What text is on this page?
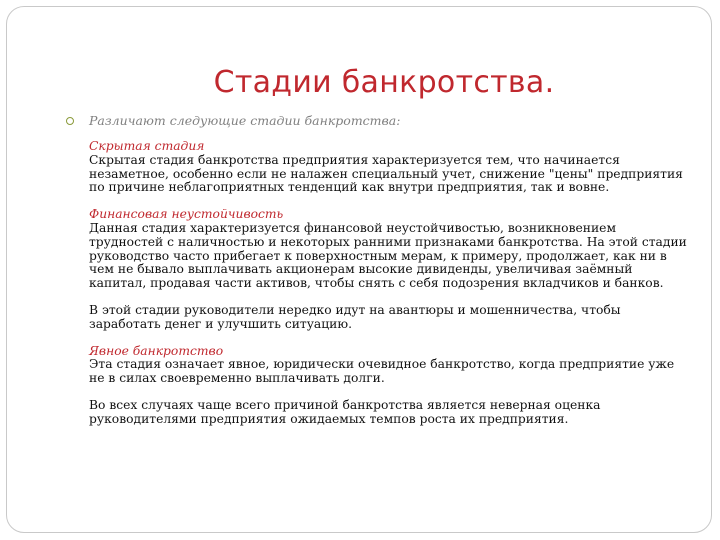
Стадии банкротства.
Различают следующие стадии банкротства:
Скрытая стадия
Скрытая стадия банкротства предприятия характеризуется тем, что начинается незаметное, особенно если не налажен специальный учет, снижение "цены" предприятия по причине неблагоприятных тенденций как внутри предприятия, так и вовне.
Финансовая неустойчивость
Данная стадия характеризуется финансовой неустойчивостью, возникновением трудностей с наличностью и некоторых ранними признаками банкротства. На этой стадии руководство часто прибегает к поверхностным мерам, к примеру, продолжает, как ни в чем не бывало выплачивать акционерам высокие дивиденды, увеличивая заёмный капитал, продавая части активов, чтобы снять с себя подозрения вкладчиков и банков.
В этой стадии руководители нередко идут на авантюры и мошенничества, чтобы заработать денег и улучшить ситуацию.
Явное банкротство
Эта стадия означает явное, юридически очевидное банкротство, когда предприятие уже не в силах своевременно выплачивать долги.
Во всех случаях чаще всего причиной банкротства является неверная оценка руководителями предприятия ожидаемых темпов роста их предприятия.
